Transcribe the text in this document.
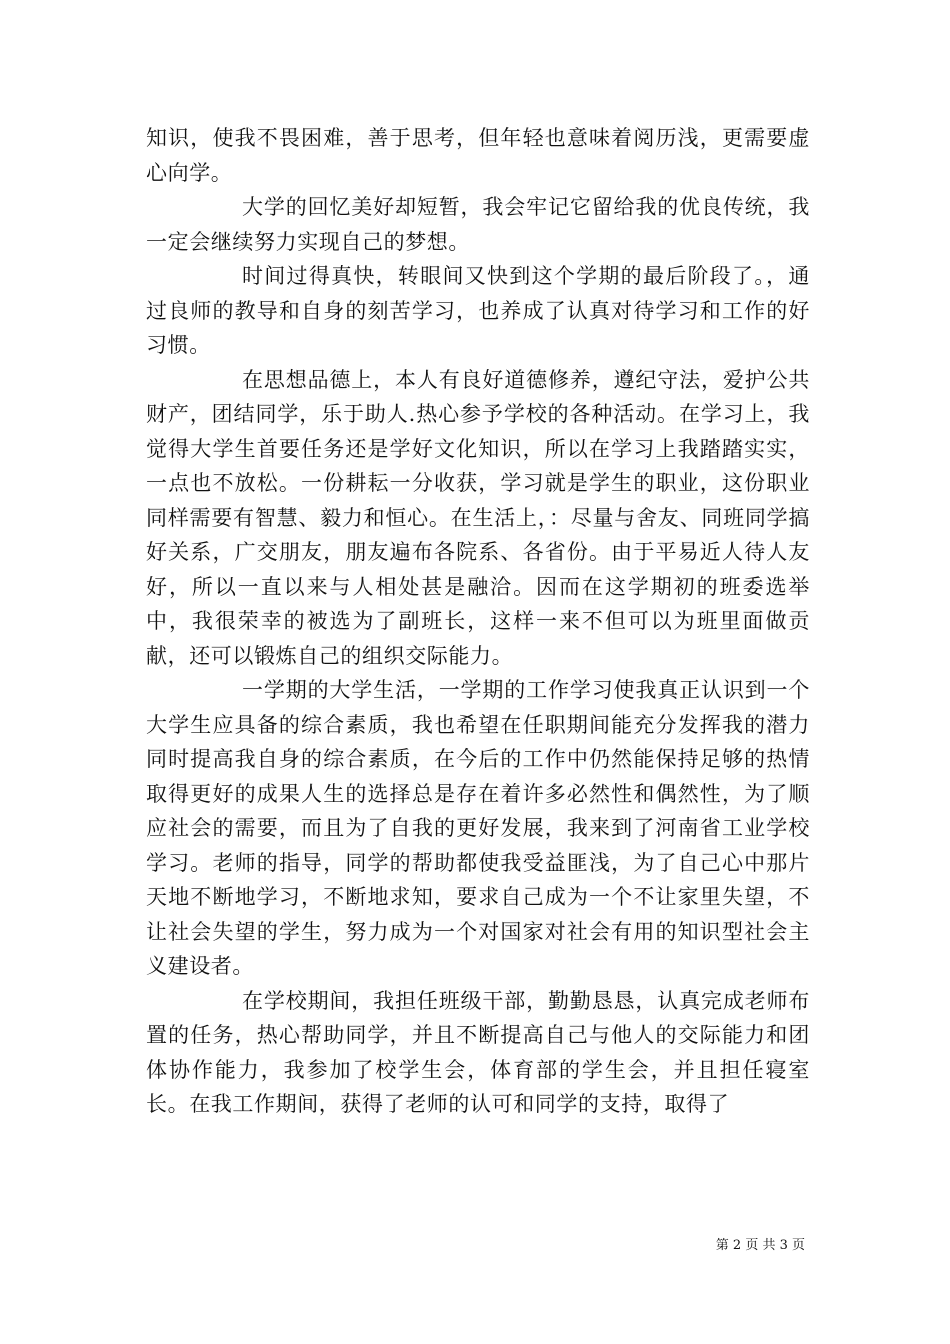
知识，使我不畏困难，善于思考，但年轻也意味着阅历浅，更需要虚心向学。

大学的回忆美好却短暂，我会牢记它留给我的优良传统，我一定会继续努力实现自己的梦想。

时间过得真快，转眼间又快到这个学期的最后阶段了。，通过良师的教导和自身的刻苦学习，也养成了认真对待学习和工作的好习惯。

在思想品德上，本人有良好道德修养，遵纪守法，爱护公共财产，团结同学，乐于助人.热心参予学校的各种活动。在学习上，我觉得大学生首要任务还是学好文化知识，所以在学习上我踏踏实实，一点也不放松。一份耕耘一分收获，学习就是学生的职业，这份职业同样需要有智慧、毅力和恒心。在生活上，：尽量与舍友、同班同学搞好关系，广交朋友，朋友遍布各院系、各省份。由于平易近人待人友好，所以一直以来与人相处甚是融洽。因而在这学期初的班委选举中，我很荣幸的被选为了副班长，这样一来不但可以为班里面做贡献，还可以锻炼自己的组织交际能力。

一学期的大学生活，一学期的工作学习使我真正认识到一个大学生应具备的综合素质，我也希望在任职期间能充分发挥我的潜力同时提高我自身的综合素质，在今后的工作中仍然能保持足够的热情取得更好的成果人生的选择总是存在着许多必然性和偶然性，为了顺应社会的需要，而且为了自我的更好发展，我来到了河南省工业学校学习。老师的指导，同学的帮助都使我受益匪浅，为了自己心中那片天地不断地学习，不断地求知，要求自己成为一个不让家里失望，不让社会失望的学生，努力成为一个对国家对社会有用的知识型社会主义建设者。

在学校期间，我担任班级干部，勤勤恳恳，认真完成老师布置的任务，热心帮助同学，并且不断提高自己与他人的交际能力和团体协作能力，我参加了校学生会，体育部的学生会，并且担任寝室长。在我工作期间，获得了老师的认可和同学的支持，取得了

第 2 页 共 3 页
